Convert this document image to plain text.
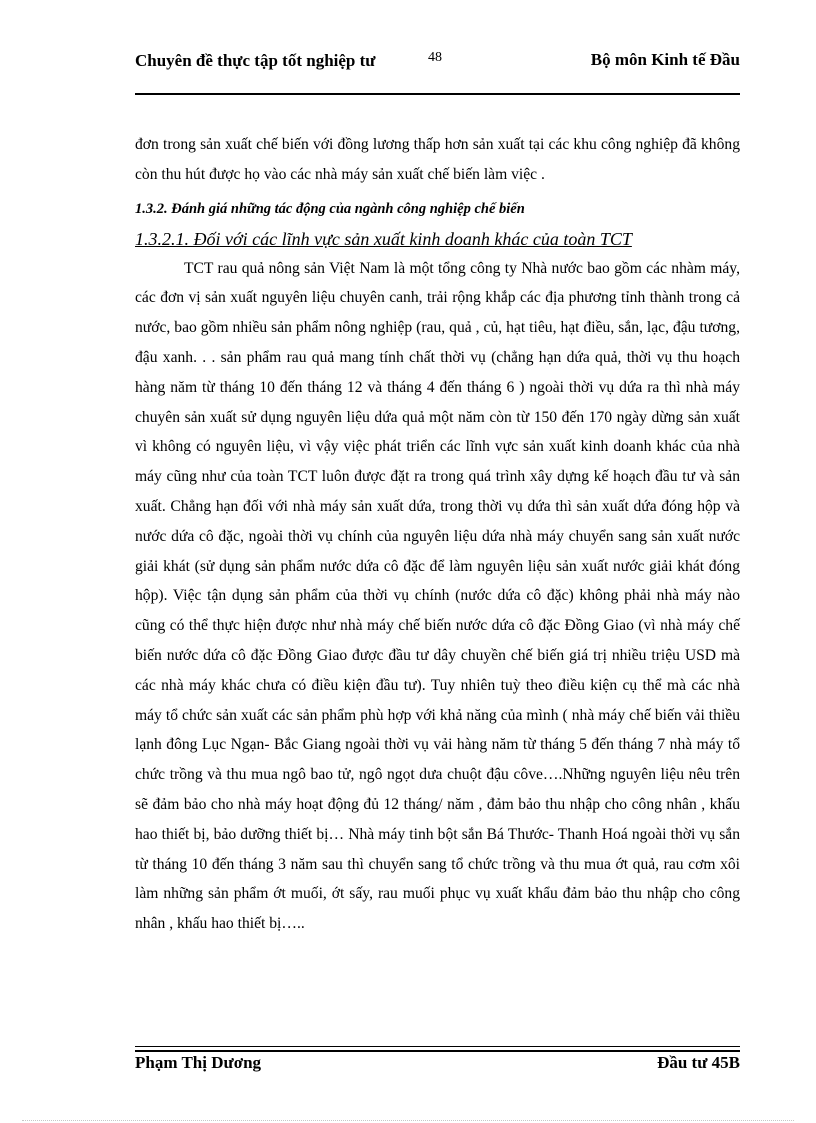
Chuyên đề thực tập tốt nghiệp tư	48	Bộ môn Kinh tế Đầu

đơn trong sản xuất chế biến với đồng lương thấp hơn sản xuất tại các khu công nghiệp đã không còn thu hút được họ vào các nhà máy sản xuất chế biến làm việc .

1.3.2. Đánh giá những tác động của ngành công nghiệp chế biến

1.3.2.1. Đối với các lĩnh vực sản xuất kinh doanh khác của toàn TCT

TCT rau quả nông sản Việt Nam là một tổng công ty Nhà nước bao gồm các nhàm máy, các đơn vị sản xuất nguyên liệu chuyên canh, trải rộng khắp các địa phương tỉnh thành trong cả nước, bao gồm nhiều sản phẩm nông nghiệp (rau, quả , củ, hạt tiêu, hạt điều, sắn, lạc, đậu tương, đậu xanh. . . sản phẩm rau quả mang tính chất thời vụ (chẳng hạn dứa quả, thời vụ thu hoạch hàng năm từ tháng 10 đến tháng 12 và tháng 4 đến tháng 6 ) ngoài thời vụ dứa ra thì nhà máy chuyên sản xuất sử dụng nguyên liệu dứa quả một năm còn từ 150 đến 170 ngày dừng sản xuất vì không có nguyên liệu, vì vậy việc phát triển các lĩnh vực sản xuất kinh doanh khác của nhà máy cũng như của toàn TCT luôn được đặt ra trong quá trình xây dựng kế hoạch đầu tư và sản xuất. Chẳng hạn đối với nhà máy sản xuất dứa, trong thời vụ dứa thì sản xuất dứa đóng hộp và nước dứa cô đặc, ngoài thời vụ chính của nguyên liệu dứa nhà máy chuyển sang sản xuất nước giải khát (sử dụng sản phẩm nước dứa cô đặc để làm nguyên liệu sản xuất nước giải khát đóng hộp). Việc tận dụng sản phẩm của thời vụ chính (nước dứa cô đặc) không phải nhà máy nào cũng có thể thực hiện được như nhà máy chế biến nước dứa cô đặc Đồng Giao (vì nhà máy chế biến nước dứa cô đặc Đồng Giao được đầu tư dây chuyền chế biến giá trị nhiều triệu USD mà các nhà máy khác chưa có điều kiện đầu tư). Tuy nhiên tuỳ theo điều kiện cụ thể mà các nhà máy tổ chức sản xuất các sản phẩm phù hợp với khả năng của mình ( nhà máy chế biến vải thiều lạnh đông Lục Ngạn- Bắc Giang ngoài thời vụ vải hàng năm từ tháng 5 đến tháng 7 nhà máy tổ chức trồng và thu mua ngô bao tử, ngô ngọt dưa chuột đậu côve….Những nguyên liệu nêu trên sẽ đảm bảo cho nhà máy hoạt động đủ 12 tháng/ năm , đảm bảo thu nhập cho công nhân , khấu hao thiết bị, bảo dưỡng thiết bị… Nhà máy tinh bột sắn Bá Thước- Thanh Hoá ngoài thời vụ sắn từ tháng 10 đến tháng 3 năm sau thì chuyển sang tổ chức trồng và thu mua ớt quả, rau cơm xôi làm những sản phẩm ớt muối, ớt sấy, rau muối phục vụ xuất khẩu đảm bảo thu nhập cho công nhân , khấu hao thiết bị…..

Phạm Thị Dương	Đầu tư 45B
